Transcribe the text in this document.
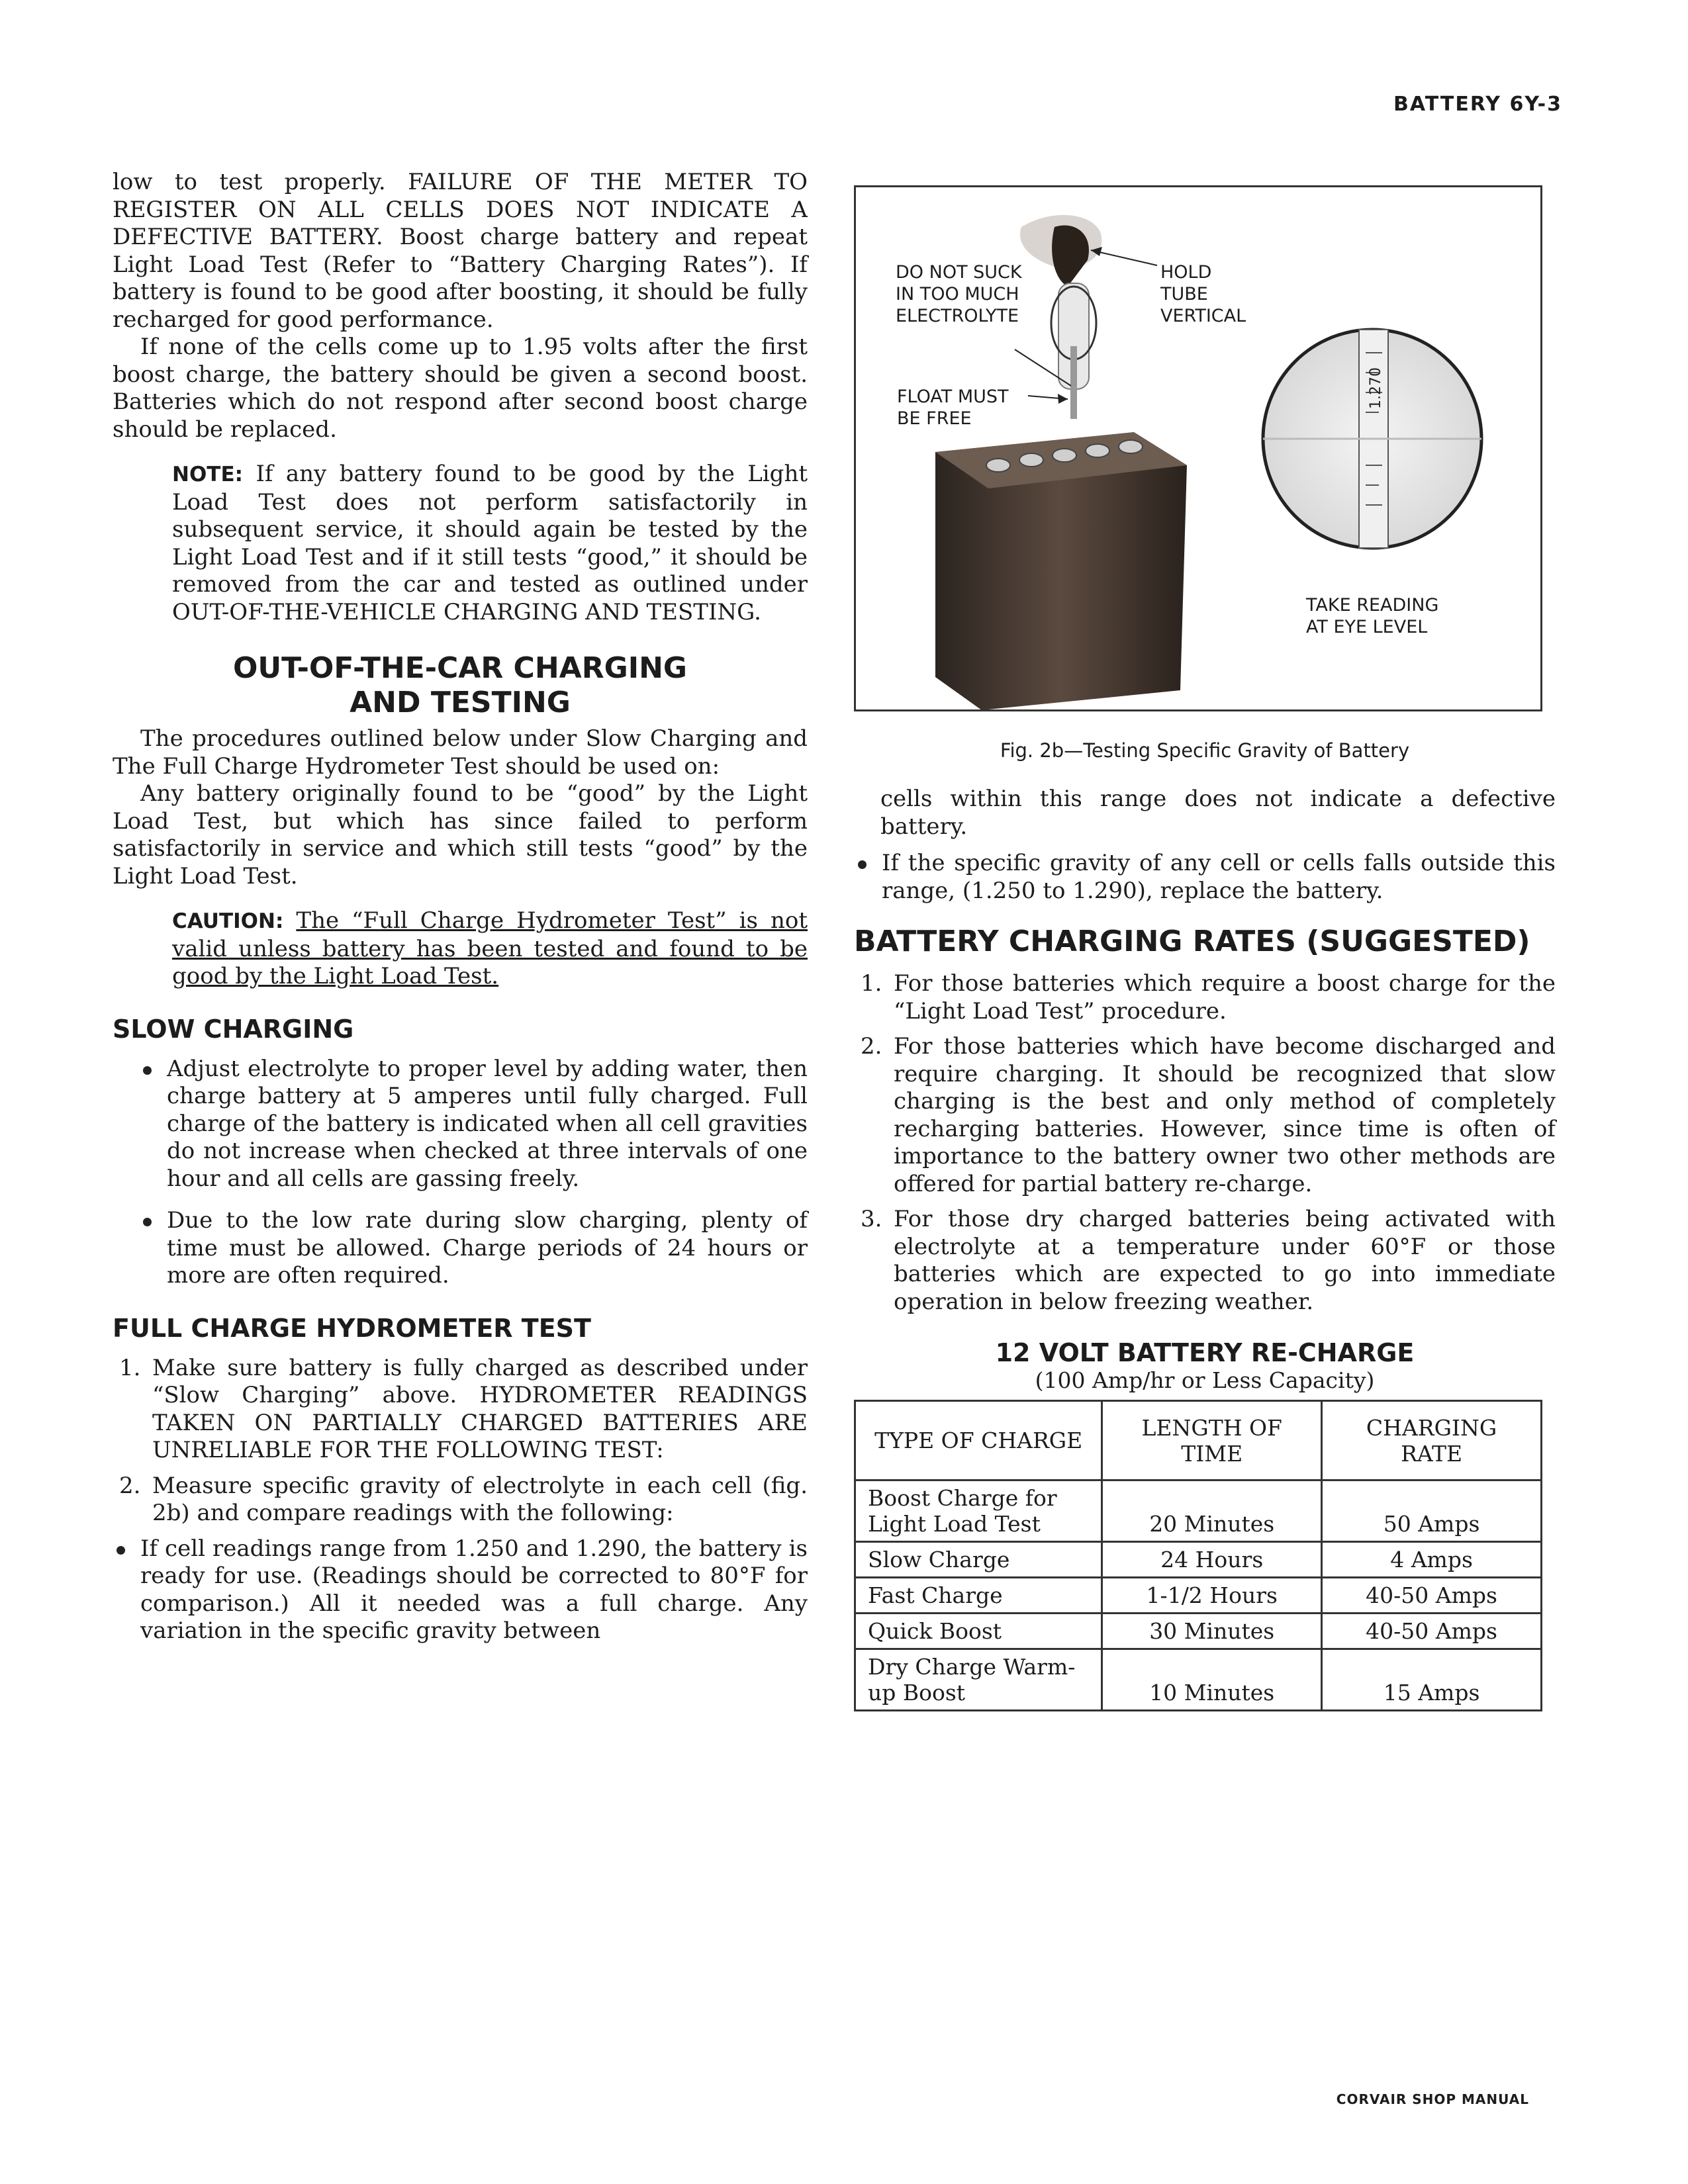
BATTERY 6Y-3

low to test properly. FAILURE OF THE METER TO REGISTER ON ALL CELLS DOES NOT INDICATE A DEFECTIVE BATTERY. Boost charge battery and repeat Light Load Test (Refer to “Battery Charging Rates”). If battery is found to be good after boosting, it should be fully recharged for good performance.

If none of the cells come up to 1.95 volts after the first boost charge, the battery should be given a second boost. Batteries which do not respond after second boost charge should be replaced.

NOTE: If any battery found to be good by the Light Load Test does not perform satisfactorily in subsequent service, it should again be tested by the Light Load Test and if it still tests “good,” it should be removed from the car and tested as outlined under OUT-OF-THE-VEHICLE CHARGING AND TESTING.

OUT-OF-THE-CAR CHARGING
AND TESTING

The procedures outlined below under Slow Charging and The Full Charge Hydrometer Test should be used on:

Any battery originally found to be “good” by the Light Load Test, but which has since failed to perform satisfactorily in service and which still tests “good” by the Light Load Test.

CAUTION: The “Full Charge Hydrometer Test” is not valid unless battery has been tested and found to be good by the Light Load Test.

SLOW CHARGING
Adjust electrolyte to proper level by adding water, then charge battery at 5 amperes until fully charged. Full charge of the battery is indicated when all cell gravities do not increase when checked at three intervals of one hour and all cells are gassing freely.
Due to the low rate during slow charging, plenty of time must be allowed. Charge periods of 24 hours or more are often required.
FULL CHARGE HYDROMETER TEST
1. Make sure battery is fully charged as described under “Slow Charging” above. HYDROMETER READINGS TAKEN ON PARTIALLY CHARGED BATTERIES ARE UNRELIABLE FOR THE FOLLOWING TEST:
2. Measure specific gravity of electrolyte in each cell (fig. 2b) and compare readings with the following:
If cell readings range from 1.250 and 1.290, the battery is ready for use. (Readings should be corrected to 80°F for comparison.) All it needed was a full charge. Any variation in the specific gravity between
1.270
DO NOT SUCK
IN TOO MUCH
ELECTROLYTE
HOLD
TUBE
VERTICAL
FLOAT MUST
BE FREE
TAKE READING
AT EYE LEVEL
Fig. 2b—Testing Specific Gravity of Battery

cells within this range does not indicate a defective battery.

If the specific gravity of any cell or cells falls outside this range, (1.250 to 1.290), replace the battery.
BATTERY CHARGING RATES (SUGGESTED)
1. For those batteries which require a boost charge for the “Light Load Test” procedure.
2. For those batteries which have become discharged and require charging. It should be recognized that slow charging is the best and only method of completely recharging batteries. However, since time is often of importance to the battery owner two other methods are offered for partial battery re-charge.
3. For those dry charged batteries being activated with electrolyte at a temperature under 60°F or those batteries which are expected to go into immediate operation in below freezing weather.
12 VOLT BATTERY RE-CHARGE
(100 Amp/hr or Less Capacity)
TYPE OF CHARGE	LENGTH OF TIME	CHARGING RATE
Boost Charge for Light Load Test	20 Minutes	50 Amps
Slow Charge	24 Hours	4 Amps
Fast Charge	1-1/2 Hours	40-50 Amps
Quick Boost	30 Minutes	40-50 Amps
Dry Charge Warm-up Boost	10 Minutes	15 Amps
CORVAIR SHOP MANUAL
